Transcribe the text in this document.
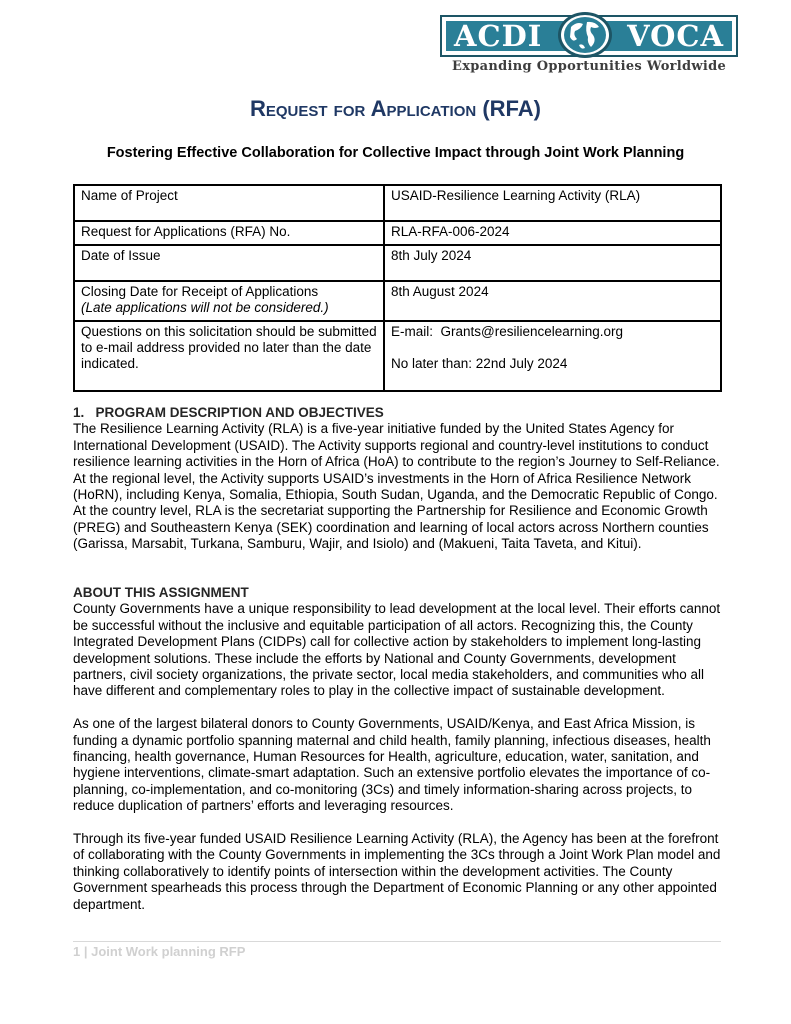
ACDI	VOCA
Expanding Opportunities Worldwide
Request for Application (RFA)
Fostering Effective Collaboration for Collective Impact through Joint Work Planning
Name of Project	USAID-Resilience Learning Activity (RLA)
Request for Applications (RFA) No.	RLA-RFA-006-2024
Date of Issue	8th July 2024

Closing Date for Receipt of Applications
(Late applications will not be considered.)	8th August 2024
Questions on this solicitation should be submitted to e-mail address provided no later than the date indicated.	E-mail:  Grants@resiliencelearning.org
No later than: 22nd July 2024
1.   PROGRAM DESCRIPTION AND OBJECTIVES

The Resilience Learning Activity (RLA) is a five-year initiative funded by the United States Agency for International Development (USAID). The Activity supports regional and country-level institutions to conduct resilience learning activities in the Horn of Africa (HoA) to contribute to the region’s Journey to Self-Reliance. At the regional level, the Activity supports USAID’s investments in the Horn of Africa Resilience Network (HoRN), including Kenya, Somalia, Ethiopia, South Sudan, Uganda, and the Democratic Republic of Congo. At the country level, RLA is the secretariat supporting the Partnership for Resilience and Economic Growth (PREG) and Southeastern Kenya (SEK) coordination and learning of local actors across Northern counties (Garissa, Marsabit, Turkana, Samburu, Wajir, and Isiolo) and (Makueni, Taita Taveta, and Kitui).

ABOUT THIS ASSIGNMENT

County Governments have a unique responsibility to lead development at the local level. Their efforts cannot be successful without the inclusive and equitable participation of all actors. Recognizing this, the County Integrated Development Plans (CIDPs) call for collective action by stakeholders to implement long-lasting development solutions. These include the efforts by National and County Governments, development partners, civil society organizations, the private sector, local media stakeholders, and communities who all have different and complementary roles to play in the collective impact of sustainable development.

As one of the largest bilateral donors to County Governments, USAID/Kenya, and East Africa Mission, is funding a dynamic portfolio spanning maternal and child health, family planning, infectious diseases, health financing, health governance, Human Resources for Health, agriculture, education, water, sanitation, and hygiene interventions, climate-smart adaptation. Such an extensive portfolio elevates the importance of co-planning, co-implementation, and co-monitoring (3Cs) and timely information-sharing across projects, to reduce duplication of partners’ efforts and leveraging resources.

Through its five-year funded USAID Resilience Learning Activity (RLA), the Agency has been at the forefront of collaborating with the County Governments in implementing the 3Cs through a Joint Work Plan model and thinking collaboratively to identify points of intersection within the development activities. The County Government spearheads this process through the Department of Economic Planning or any other appointed department.

1 | Joint Work planning RFP
